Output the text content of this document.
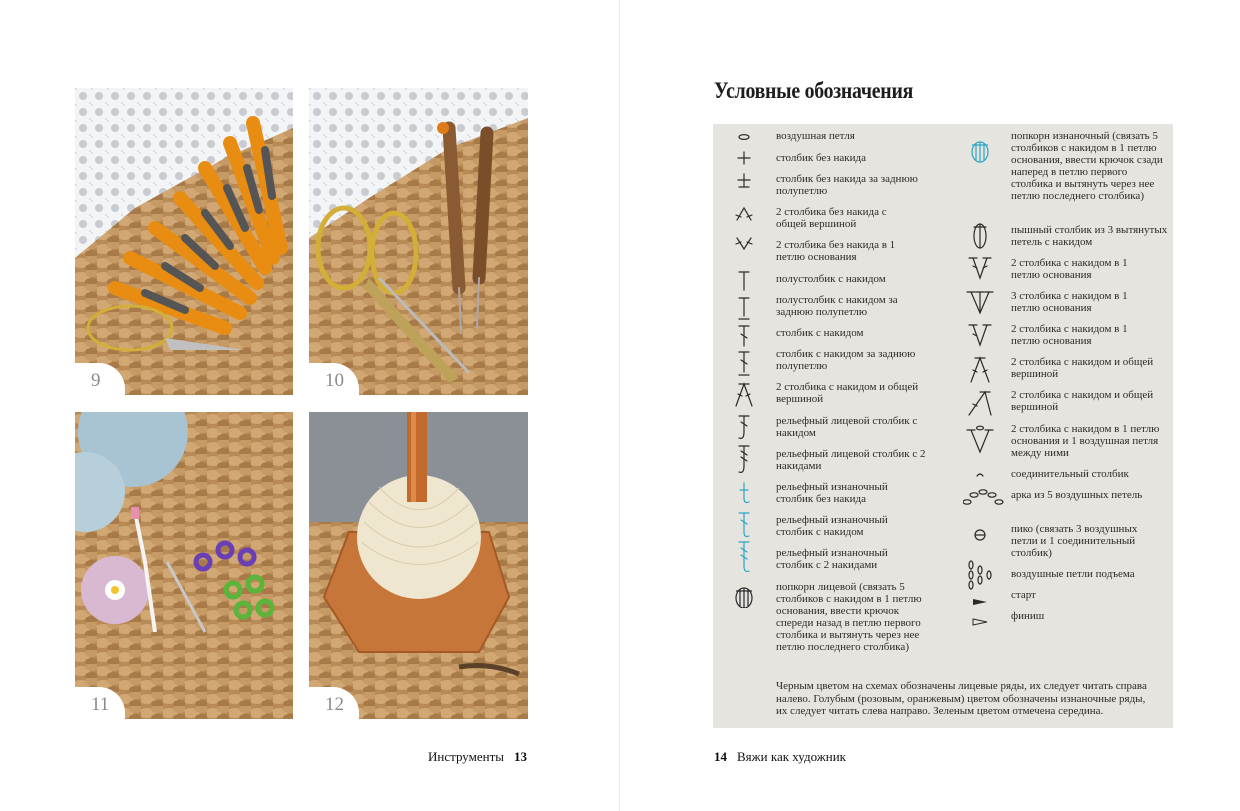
9	10
11	12
Инструменты 13
Условные обозначения
воздушная петля
столбик без накида
столбик без накида за заднюю полупетлю
2 столбика без накида с общей вершиной
2 столбика без накида в 1 петлю основания
полустолбик с накидом
полустолбик с накидом за заднюю полупетлю
столбик с накидом
столбик с накидом за заднюю полупетлю
2 столбика с накидом и общей вершиной
рельефный лицевой столбик с накидом
рельефный лицевой столбик с 2 накидами
рельефный изнаночный столбик без накида
рельефный изнаночный столбик с накидом
рельефный изнаночный столбик с 2 накидами
попкорн лицевой (связать 5 столбиков с накидом в 1 петлю основания, ввести крючок спереди назад в петлю первого столбика и вытянуть через нее петлю последнего столбика)
попкорн изнаночный (связать 5 столбиков с накидом в 1 петлю основания, ввести крючок сзади наперед в петлю первого столбика и вытянуть через нее петлю последнего столбика)
пышный столбик из 3 вытянутых петель с накидом
2 столбика с накидом в 1 петлю основания
3 столбика с накидом в 1 петлю основания
2 столбика с накидом в 1 петлю основания
2 столбика с накидом и общей вершиной
2 столбика с накидом и общей вершиной
2 столбика с накидом в 1 петлю основания и 1 воздушная петля между ними
соединительный столбик
арка из 5 воздушных петель
пико (связать 3 воздушных петли и 1 соединительный столбик)
воздушные петли подъема
старт
финиш
Черным цветом на схемах обозначены лицевые ряды, их следует читать справа налево. Голубым (розовым, оранжевым) цветом обозначены изнаночные ряды, их следует читать слева направо. Зеленым цветом отмечена середина.
14 Вяжи как художник
